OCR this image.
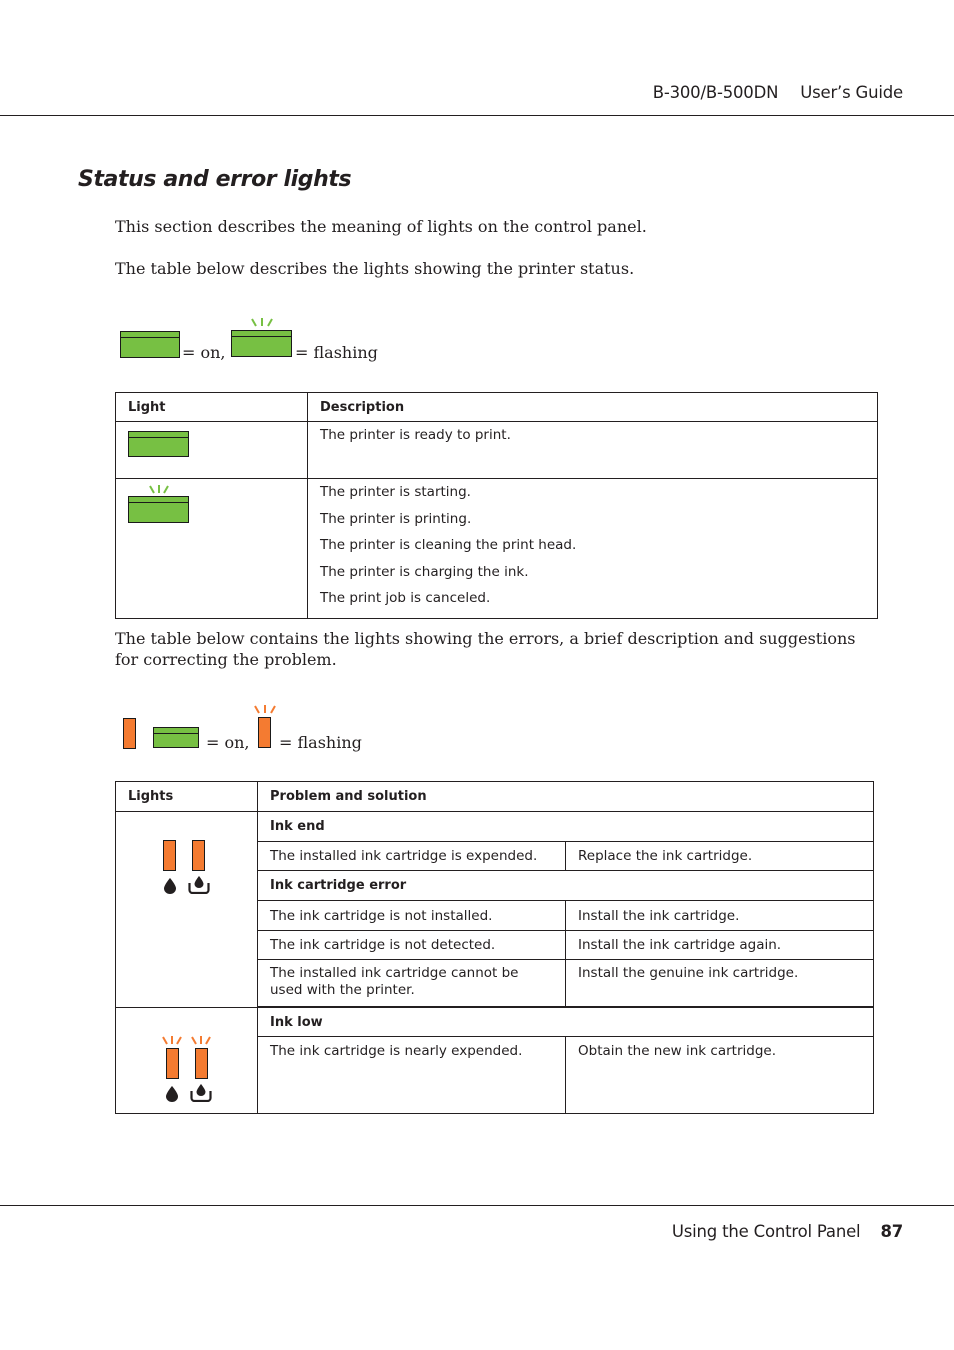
B-300/B-500DN User’s Guide
Status and error lights

This section describes the meaning of lights on the control panel.

The table below describes the lights showing the printer status.

= on,	= flashing
Light	Description

	The printer is ready to print.

The printer is starting.
The printer is printing.
The printer is cleaning the print head.
The printer is charging the ink.
The print job is canceled.

The table below contains the lights showing the errors, a brief description and suggestions for correcting the problem.

= on, = flashing
Lights	Problem and solution	

	Ink end	
	The installed ink cartridge is expended.	Replace the ink cartridge.
	Ink cartridge error	
	The ink cartridge is not installed.	Install the ink cartridge.
	The ink cartridge is not detected.	Install the ink cartridge again.
	The installed ink cartridge cannot be used with the printer.	Install the genuine ink cartridge.

	Ink low	
	The ink cartridge is nearly expended.	Obtain the new ink cartridge.
Using the Control Panel 87
